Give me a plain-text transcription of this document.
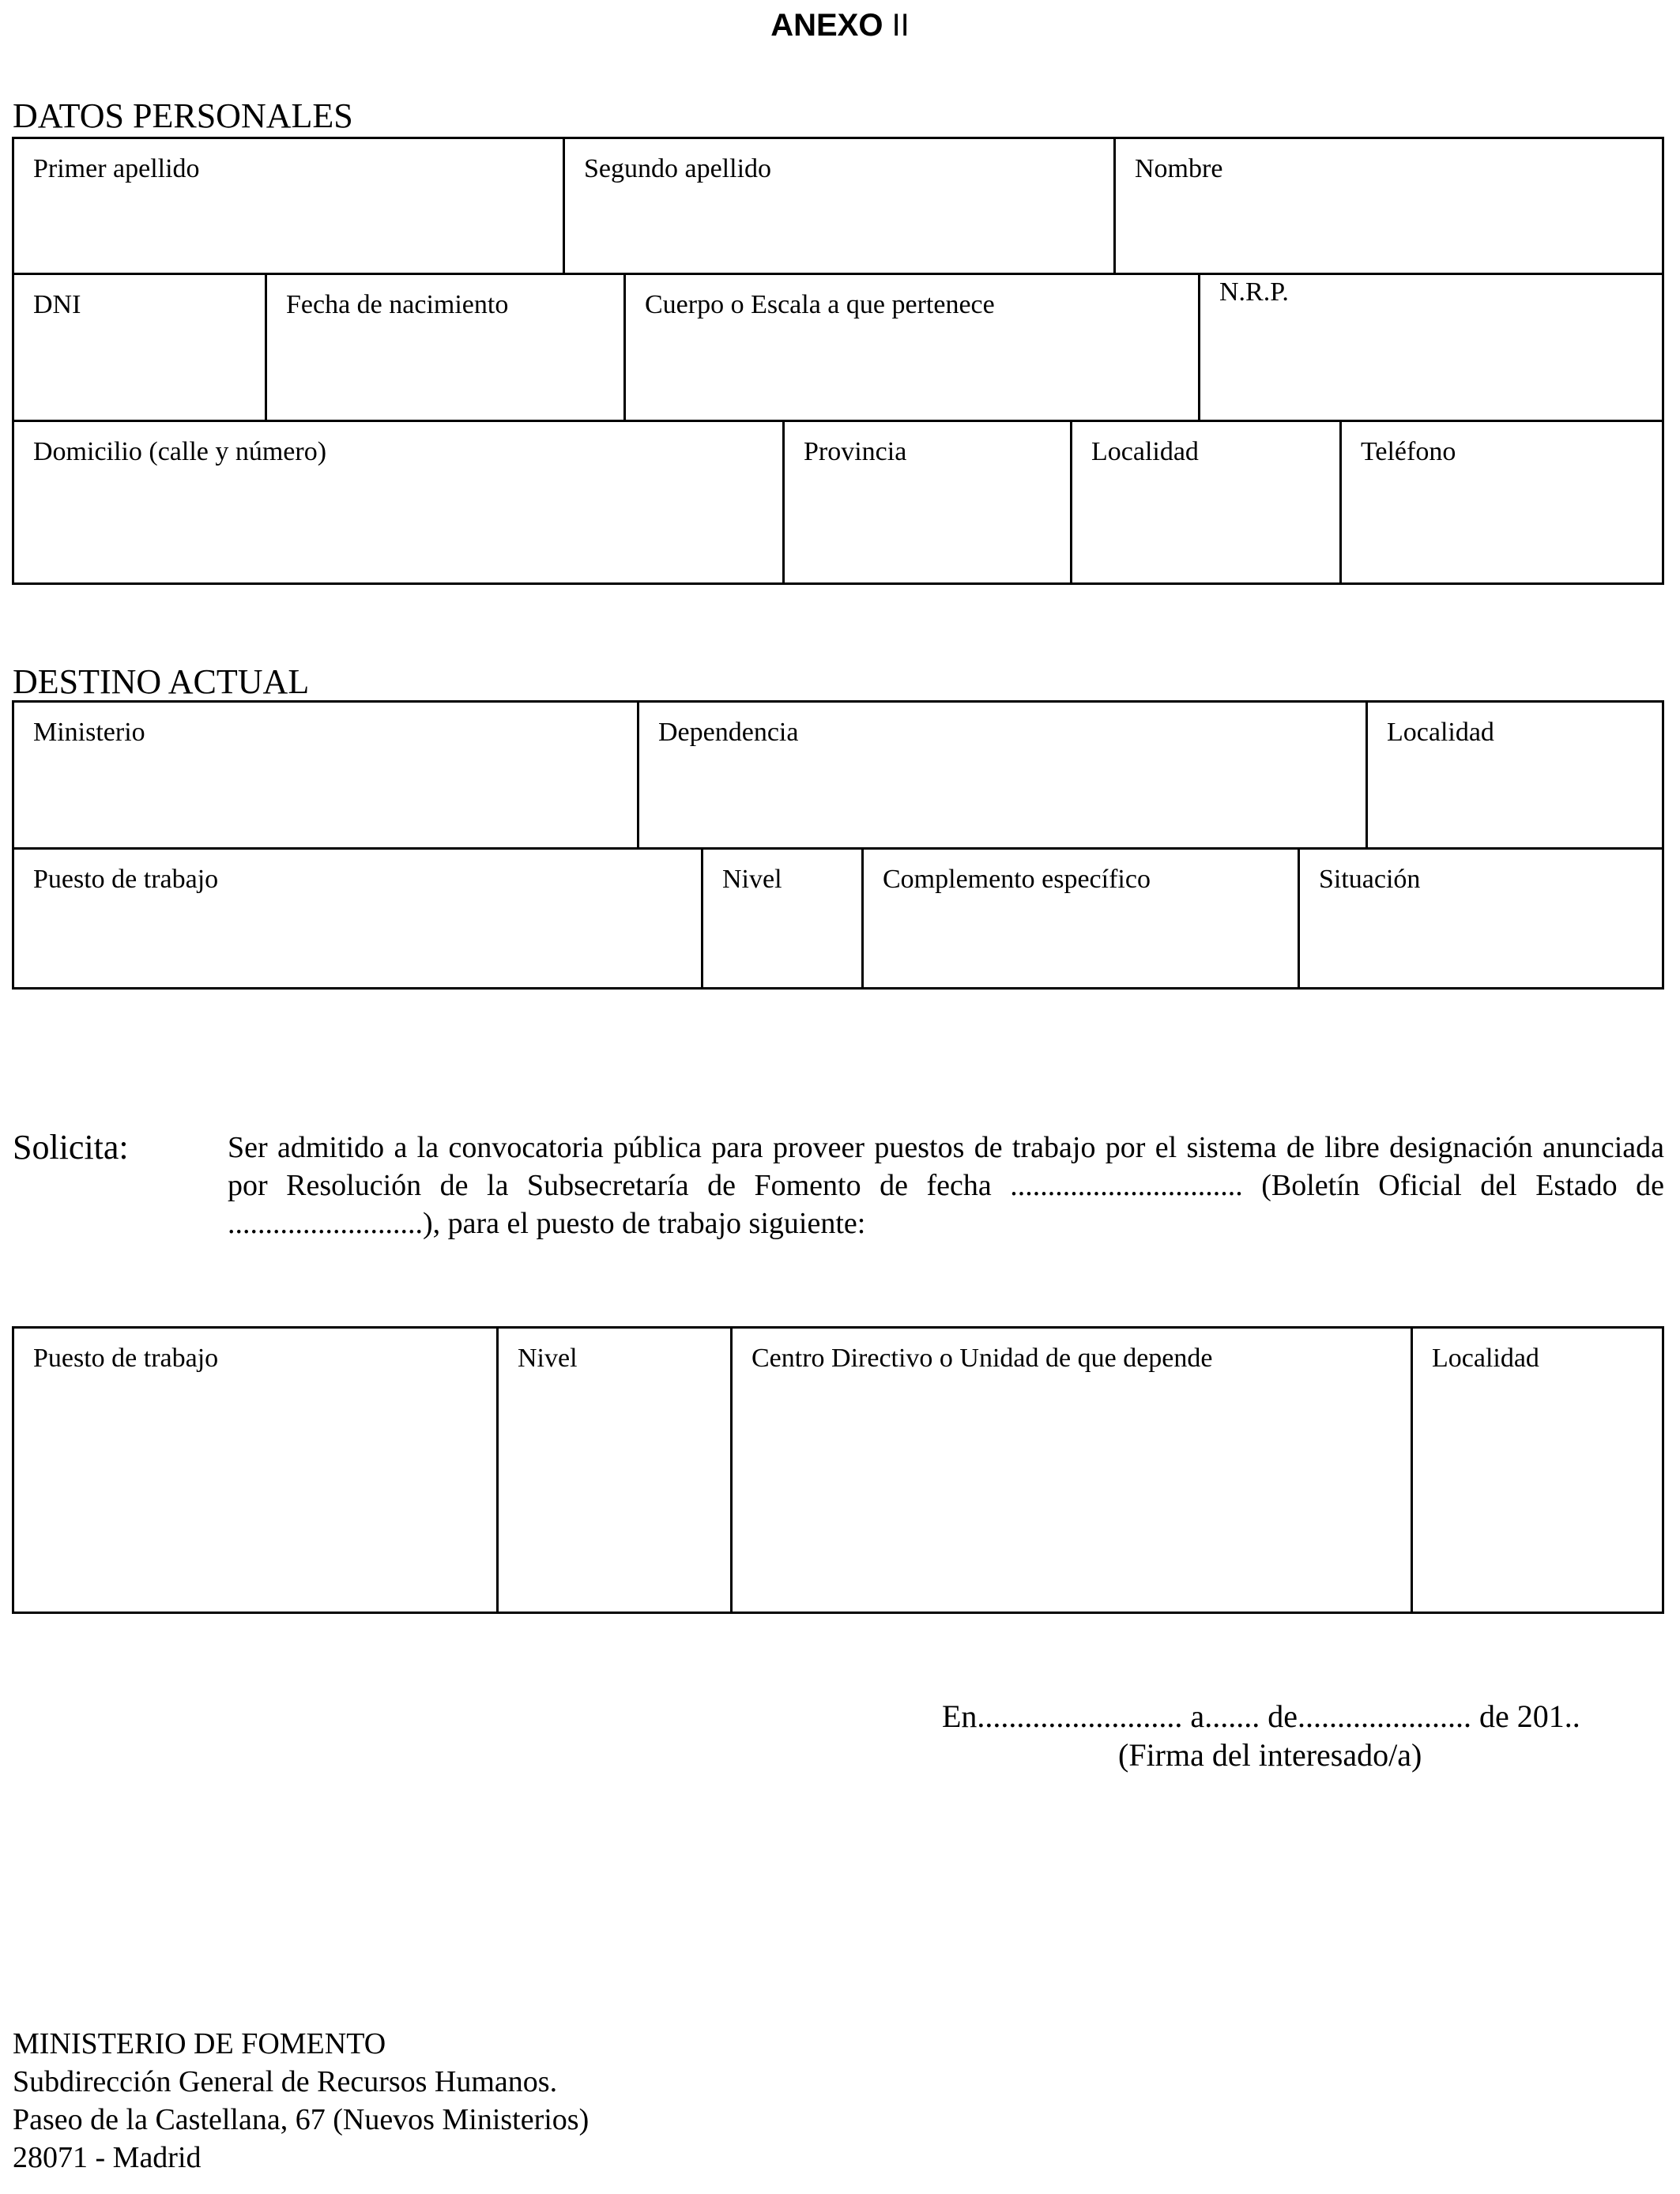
ANEXO II
DATOS PERSONALES
Primer apellido	Segundo apellido	Nombre
DNI	Fecha de nacimiento	Cuerpo o Escala a que pertenece	N.R.P.
Domicilio (calle y número)	Provincia	Localidad	Teléfono
DESTINO ACTUAL
Ministerio	Dependencia	Localidad
Puesto de trabajo	Nivel	Complemento específico	Situación
Solicita:	Ser admitido a la convocatoria pública para proveer puestos de trabajo por el sistema de libre designación anunciada por Resolución de la Subsecretaría de Fomento de fecha ............................... (Boletín Oficial del Estado de ..........................), para el puesto de trabajo siguiente:
Puesto de trabajo	Nivel	Centro Directivo o Unidad de que depende	Localidad
En.......................... a....... de...................... de 201..
(Firma del interesado/a)
MINISTERIO DE FOMENTO
Subdirección General de Recursos Humanos.
Paseo de la Castellana, 67 (Nuevos Ministerios)
28071 - Madrid
